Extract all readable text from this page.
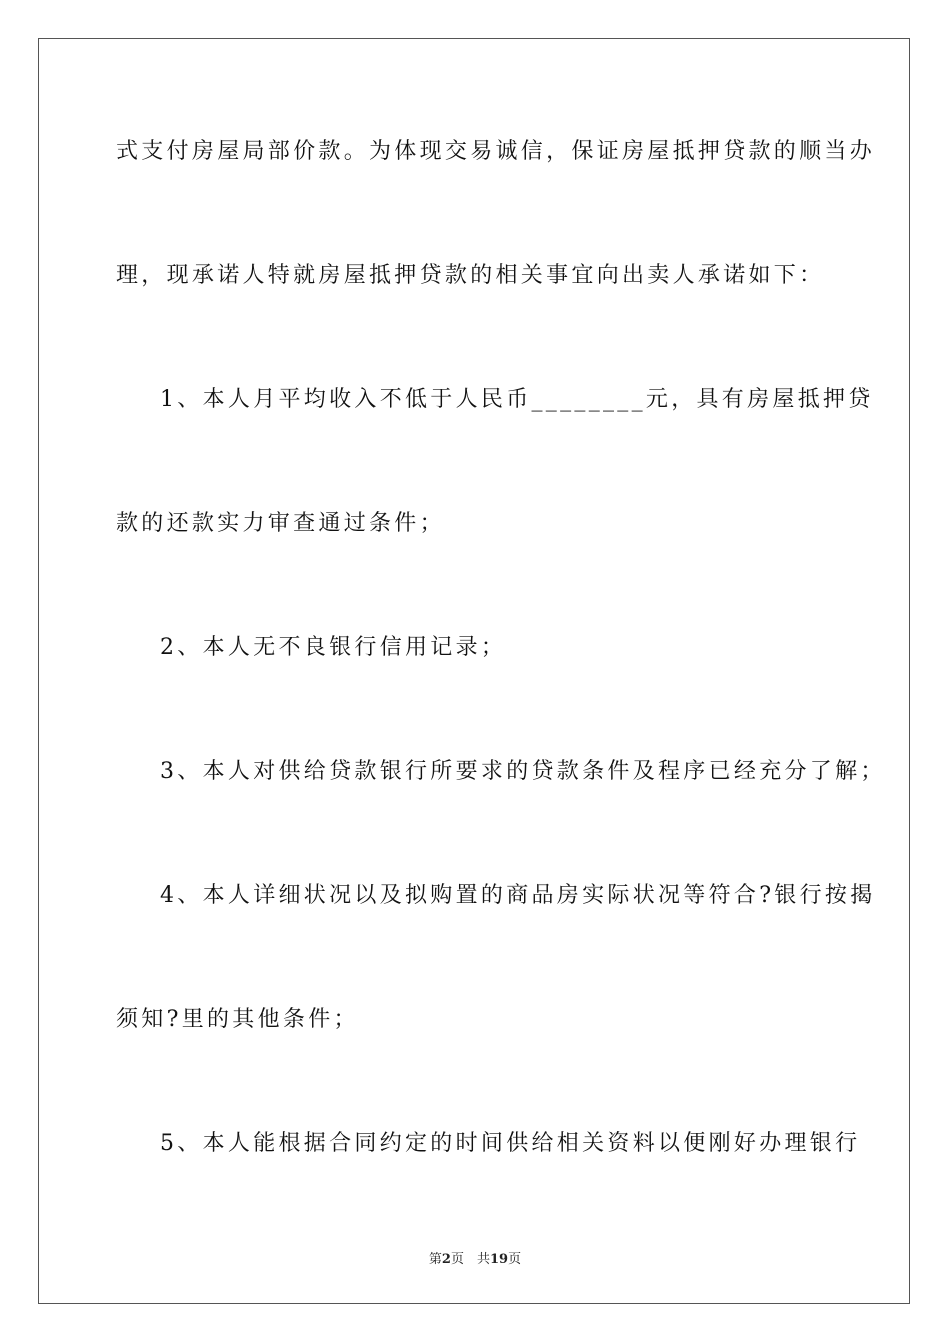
式支付房屋局部价款。为体现交易诚信，保证房屋抵押贷款的顺当办
理，现承诺人特就房屋抵押贷款的相关事宜向出卖人承诺如下：
1、本人月平均收入不低于人民币________元，具有房屋抵押贷
款的还款实力审查通过条件；
2、本人无不良银行信用记录；
3、本人对供给贷款银行所要求的贷款条件及程序已经充分了解；
4、本人详细状况以及拟购置的商品房实际状况等符合?银行按揭
须知?里的其他条件；
5、本人能根据合同约定的时间供给相关资料以便刚好办理银行
第2页　共19页
